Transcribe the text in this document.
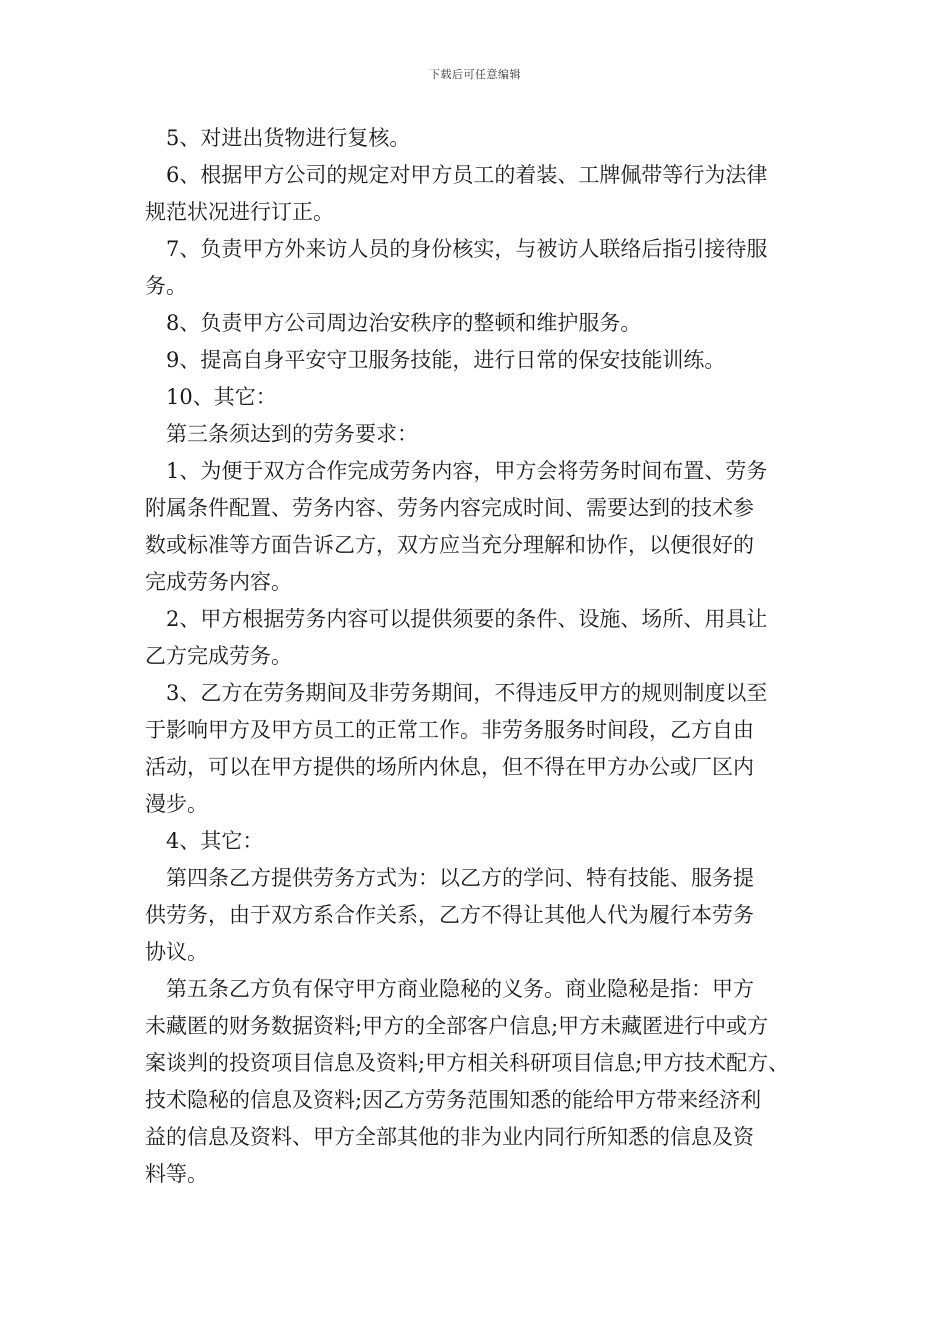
下载后可任意编辑
5、对进出货物进行复核。
6、根据甲方公司的规定对甲方员工的着装、工牌佩带等行为法律
规范状况进行订正。
7、负责甲方外来访人员的身份核实，与被访人联络后指引接待服
务。
8、负责甲方公司周边治安秩序的整顿和维护服务。
9、提高自身平安守卫服务技能，进行日常的保安技能训练。
10、其它：
第三条须达到的劳务要求：
1、为便于双方合作完成劳务内容，甲方会将劳务时间布置、劳务
附属条件配置、劳务内容、劳务内容完成时间、需要达到的技术参
数或标准等方面告诉乙方，双方应当充分理解和协作，以便很好的
完成劳务内容。
2、甲方根据劳务内容可以提供须要的条件、设施、场所、用具让
乙方完成劳务。
3、乙方在劳务期间及非劳务期间，不得违反甲方的规则制度以至
于影响甲方及甲方员工的正常工作。非劳务服务时间段，乙方自由
活动，可以在甲方提供的场所内休息，但不得在甲方办公或厂区内
漫步。
4、其它：
第四条乙方提供劳务方式为：以乙方的学问、特有技能、服务提
供劳务，由于双方系合作关系，乙方不得让其他人代为履行本劳务
协议。
第五条乙方负有保守甲方商业隐秘的义务。商业隐秘是指：甲方
未藏匿的财务数据资料;甲方的全部客户信息;甲方未藏匿进行中或方
案谈判的投资项目信息及资料;甲方相关科研项目信息;甲方技术配方、
技术隐秘的信息及资料;因乙方劳务范围知悉的能给甲方带来经济利
益的信息及资料、甲方全部其他的非为业内同行所知悉的信息及资
料等。
